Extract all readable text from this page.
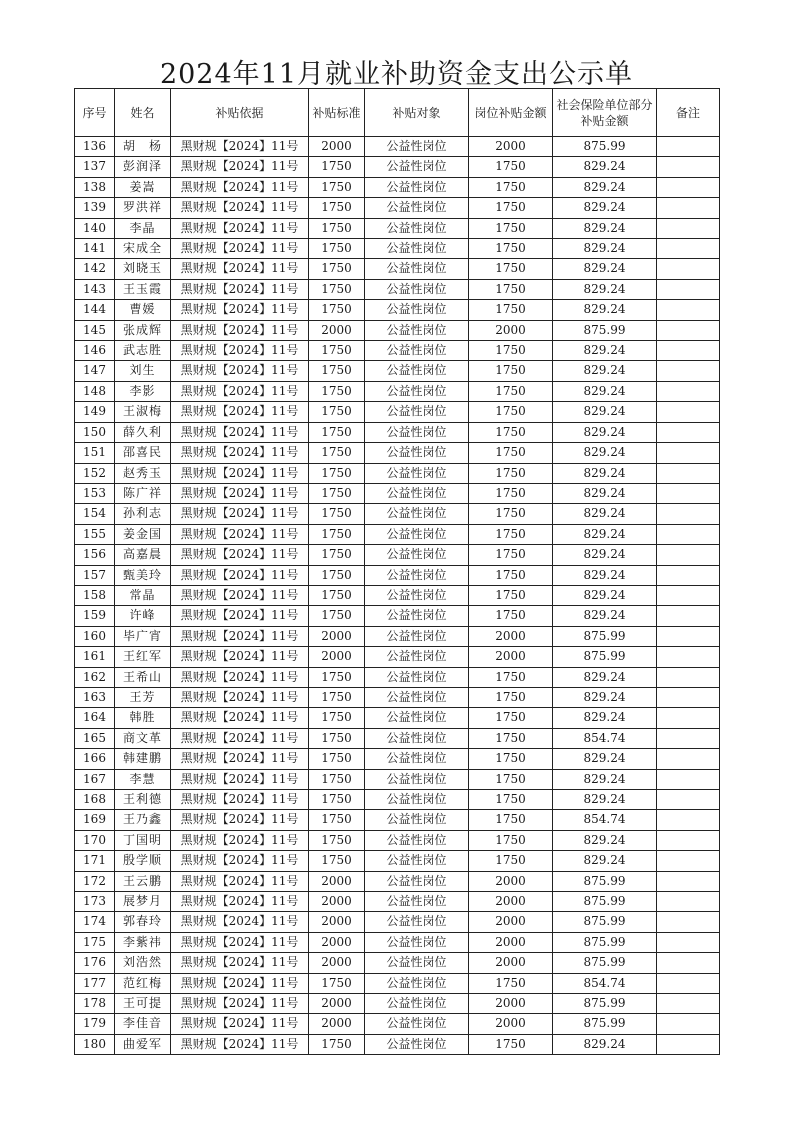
2024年11月就业补助资金支出公示单
序号	姓名	补贴依据	补贴标准	补贴对象	岗位补贴金额	社会保险单位部分补贴金额	备注
136	胡　杨	黑财规【2024】11号	2000	公益性岗位	2000	875.99	
137	彭润泽	黑财规【2024】11号	1750	公益性岗位	1750	829.24	
138	姜嵩	黑财规【2024】11号	1750	公益性岗位	1750	829.24	
139	罗洪祥	黑财规【2024】11号	1750	公益性岗位	1750	829.24	
140	李晶	黑财规【2024】11号	1750	公益性岗位	1750	829.24	
141	宋成全	黑财规【2024】11号	1750	公益性岗位	1750	829.24	
142	刘晓玉	黑财规【2024】11号	1750	公益性岗位	1750	829.24	
143	王玉霞	黑财规【2024】11号	1750	公益性岗位	1750	829.24	
144	曹媛	黑财规【2024】11号	1750	公益性岗位	1750	829.24	
145	张成辉	黑财规【2024】11号	2000	公益性岗位	2000	875.99	
146	武志胜	黑财规【2024】11号	1750	公益性岗位	1750	829.24	
147	刘生	黑财规【2024】11号	1750	公益性岗位	1750	829.24	
148	李影	黑财规【2024】11号	1750	公益性岗位	1750	829.24	
149	王淑梅	黑财规【2024】11号	1750	公益性岗位	1750	829.24	
150	薛久利	黑财规【2024】11号	1750	公益性岗位	1750	829.24	
151	邵喜民	黑财规【2024】11号	1750	公益性岗位	1750	829.24	
152	赵秀玉	黑财规【2024】11号	1750	公益性岗位	1750	829.24	
153	陈广祥	黑财规【2024】11号	1750	公益性岗位	1750	829.24	
154	孙利志	黑财规【2024】11号	1750	公益性岗位	1750	829.24	
155	姜金国	黑财规【2024】11号	1750	公益性岗位	1750	829.24	
156	高嘉晨	黑财规【2024】11号	1750	公益性岗位	1750	829.24	
157	甄美玲	黑财规【2024】11号	1750	公益性岗位	1750	829.24	
158	常晶	黑财规【2024】11号	1750	公益性岗位	1750	829.24	
159	许峰	黑财规【2024】11号	1750	公益性岗位	1750	829.24	
160	毕广宵	黑财规【2024】11号	2000	公益性岗位	2000	875.99	
161	王红军	黑财规【2024】11号	2000	公益性岗位	2000	875.99	
162	王希山	黑财规【2024】11号	1750	公益性岗位	1750	829.24	
163	王芳	黑财规【2024】11号	1750	公益性岗位	1750	829.24	
164	韩胜	黑财规【2024】11号	1750	公益性岗位	1750	829.24	
165	商文革	黑财规【2024】11号	1750	公益性岗位	1750	854.74	
166	韩建鹏	黑财规【2024】11号	1750	公益性岗位	1750	829.24	
167	李慧	黑财规【2024】11号	1750	公益性岗位	1750	829.24	
168	王利德	黑财规【2024】11号	1750	公益性岗位	1750	829.24	
169	王乃鑫	黑财规【2024】11号	1750	公益性岗位	1750	854.74	
170	丁国明	黑财规【2024】11号	1750	公益性岗位	1750	829.24	
171	殷学顺	黑财规【2024】11号	1750	公益性岗位	1750	829.24	
172	王云鹏	黑财规【2024】11号	2000	公益性岗位	2000	875.99	
173	展梦月	黑财规【2024】11号	2000	公益性岗位	2000	875.99	
174	郭春玲	黑财规【2024】11号	2000	公益性岗位	2000	875.99	
175	李紫祎	黑财规【2024】11号	2000	公益性岗位	2000	875.99	
176	刘浩然	黑财规【2024】11号	2000	公益性岗位	2000	875.99	
177	范红梅	黑财规【2024】11号	1750	公益性岗位	1750	854.74	
178	王可提	黑财规【2024】11号	2000	公益性岗位	2000	875.99	
179	李佳音	黑财规【2024】11号	2000	公益性岗位	2000	875.99	
180	曲爱军	黑财规【2024】11号	1750	公益性岗位	1750	829.24	
